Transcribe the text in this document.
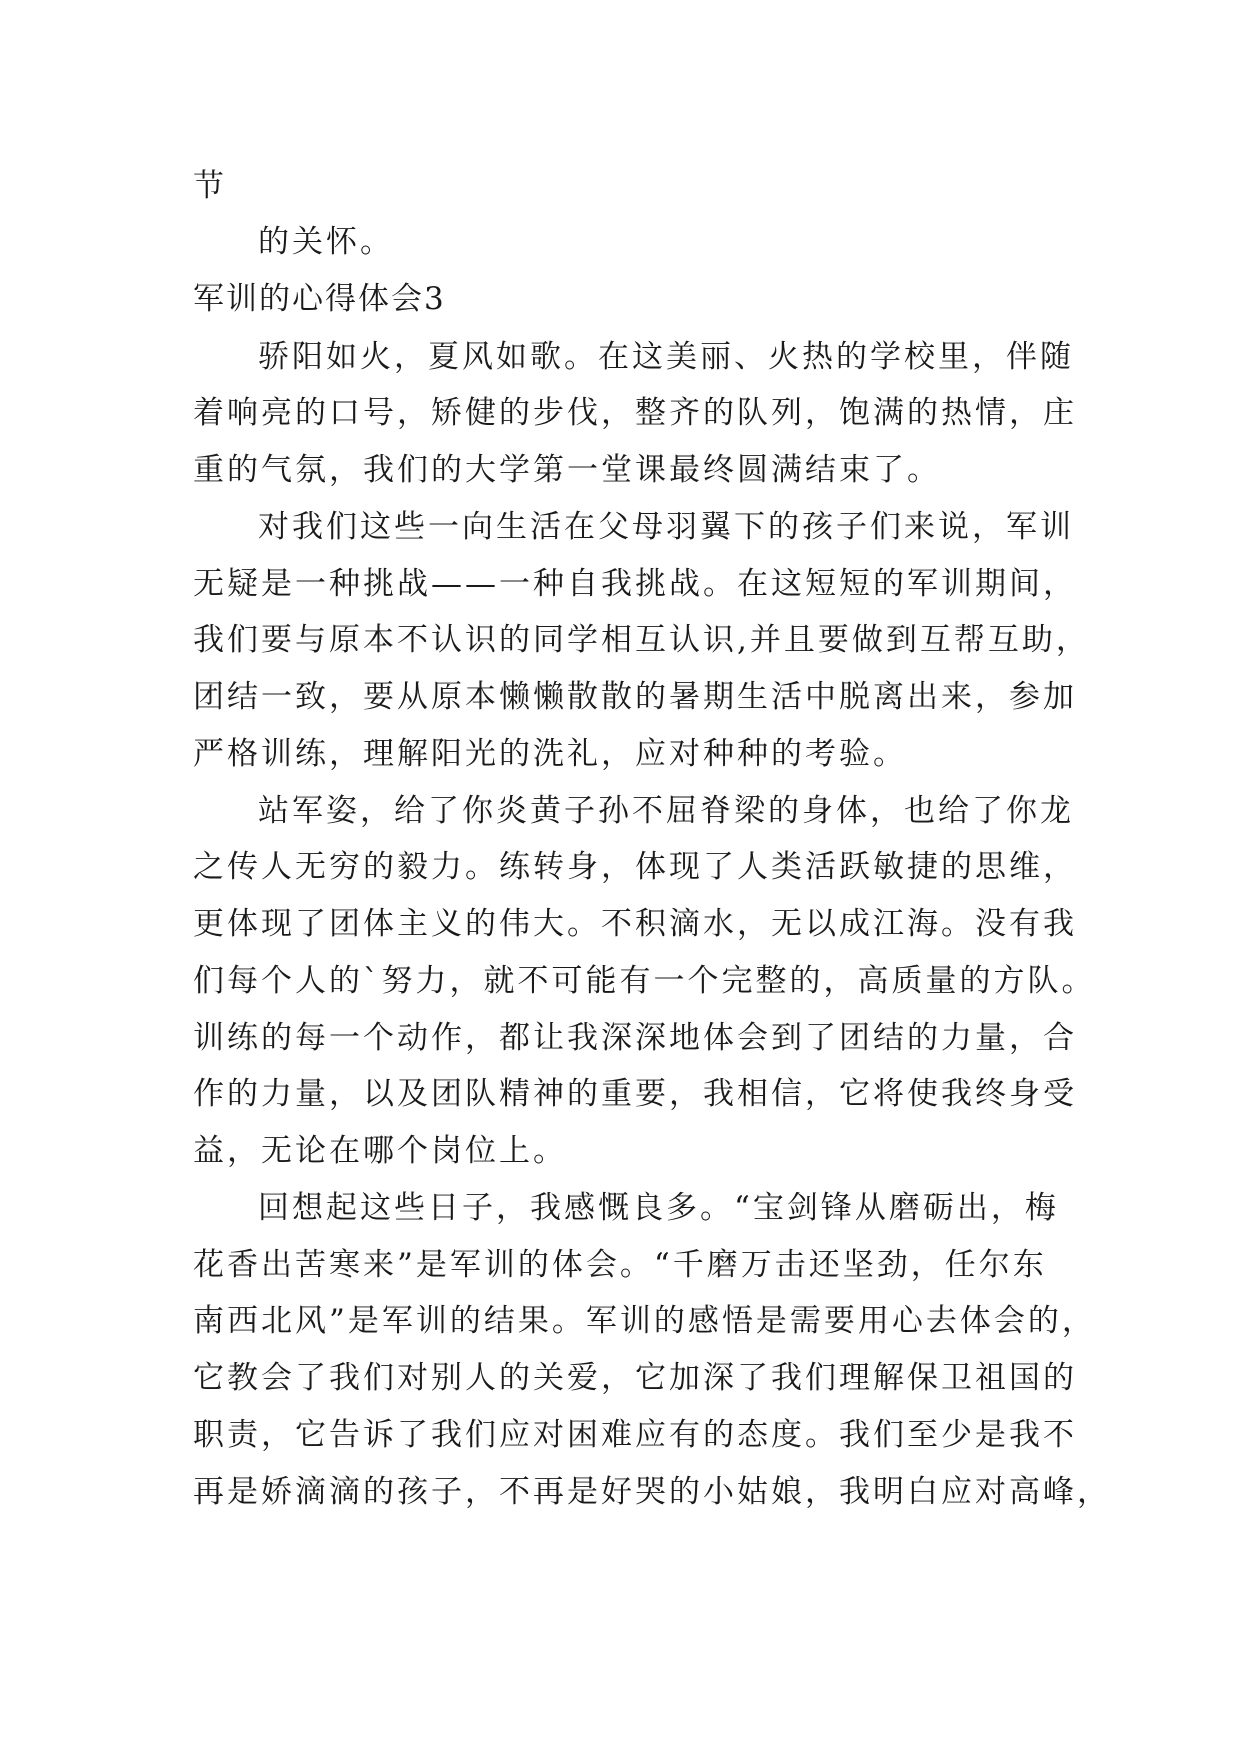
节
的关怀。
军训的心得体会3
骄阳如火，夏风如歌。在这美丽、火热的学校里，伴随
着响亮的口号，矫健的步伐，整齐的队列，饱满的热情，庄
重的气氛，我们的大学第一堂课最终圆满结束了。
对我们这些一向生活在父母羽翼下的孩子们来说，军训
无疑是一种挑战——一种自我挑战。在这短短的军训期间，
我们要与原本不认识的同学相互认识,并且要做到互帮互助，
团结一致，要从原本懒懒散散的暑期生活中脱离出来，参加
严格训练，理解阳光的洗礼，应对种种的考验。
站军姿，给了你炎黄子孙不屈脊梁的身体，也给了你龙
之传人无穷的毅力。练转身，体现了人类活跃敏捷的思维，
更体现了团体主义的伟大。不积滴水，无以成江海。没有我
们每个人的`努力，就不可能有一个完整的，高质量的方队。
训练的每一个动作，都让我深深地体会到了团结的力量，合
作的力量，以及团队精神的重要，我相信，它将使我终身受
益，无论在哪个岗位上。
回想起这些日子，我感慨良多。“宝剑锋从磨砺出，梅
花香出苦寒来”是军训的体会。“千磨万击还坚劲，任尔东
南西北风”是军训的结果。军训的感悟是需要用心去体会的，
它教会了我们对别人的关爱，它加深了我们理解保卫祖国的
职责，它告诉了我们应对困难应有的态度。我们至少是我不
再是娇滴滴的孩子，不再是好哭的小姑娘，我明白应对高峰，
